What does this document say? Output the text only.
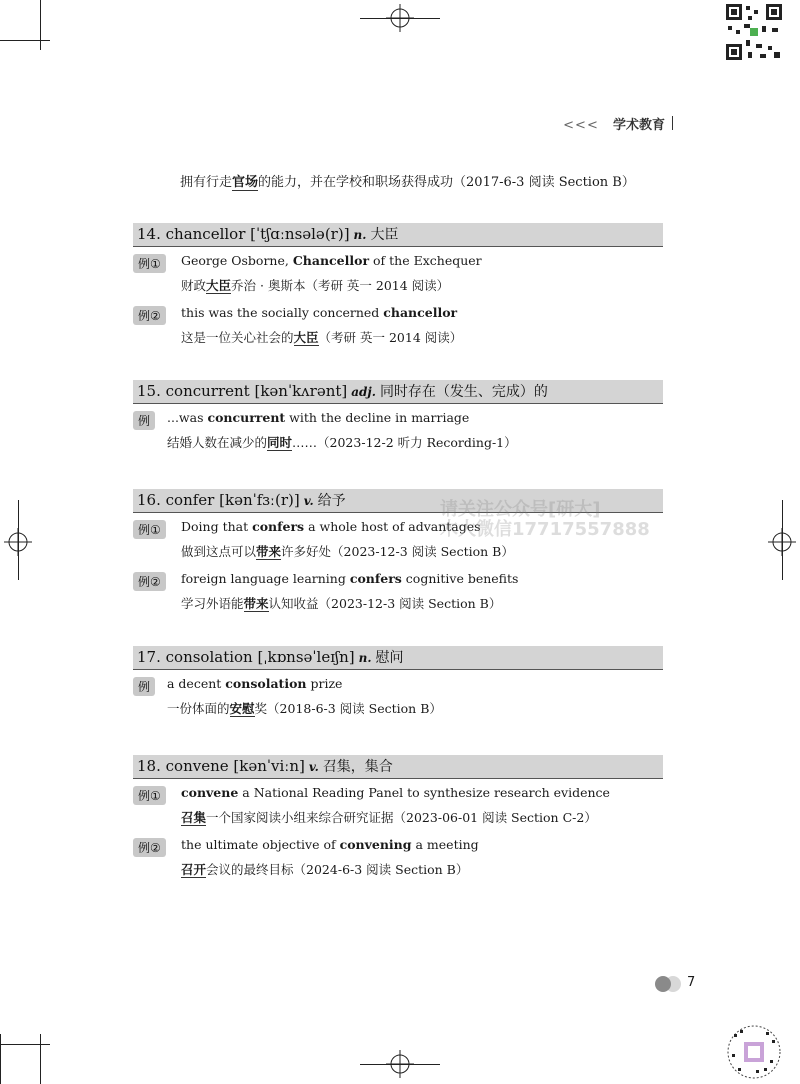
<<< 学术教育
拥有行走官场的能力，并在学校和职场获得成功（2017-6-3 阅读 Section B）
14. chancellor [ˈtʃɑːnsələ(r)] n. 大臣
例①	George Osborne, Chancellor of the Exchequer
财政大臣乔治 · 奥斯本（考研 英一 2014 阅读）
例②	this was the socially concerned chancellor
这是一位关心社会的大臣（考研 英一 2014 阅读）
15. concurrent [kənˈkʌrənt] adj. 同时存在（发生、完成）的
例	...was concurrent with the decline in marriage
结婚人数在减少的同时……（2023-12-2 听力 Recording-1）
16. confer [kənˈfɜː(r)] v. 给予
例①	Doing that confers a whole host of advantages
做到这点可以带来许多好处（2023-12-3 阅读 Section B）
例②	foreign language learning confers cognitive benefits
学习外语能带来认知收益（2023-12-3 阅读 Section B）
请关注公众号[研大]
木大微信17717557888
17. consolation [ˌkɒnsəˈleɪʃn] n. 慰问
例	a decent consolation prize
一份体面的安慰奖（2018-6-3 阅读 Section B）
18. convene [kənˈviːn] v. 召集，集合
例①	convene a National Reading Panel to synthesize research evidence
召集一个国家阅读小组来综合研究证据（2023-06-01 阅读 Section C-2）
例②	the ultimate objective of convening a meeting
召开会议的最终目标（2024-6-3 阅读 Section B）
7
